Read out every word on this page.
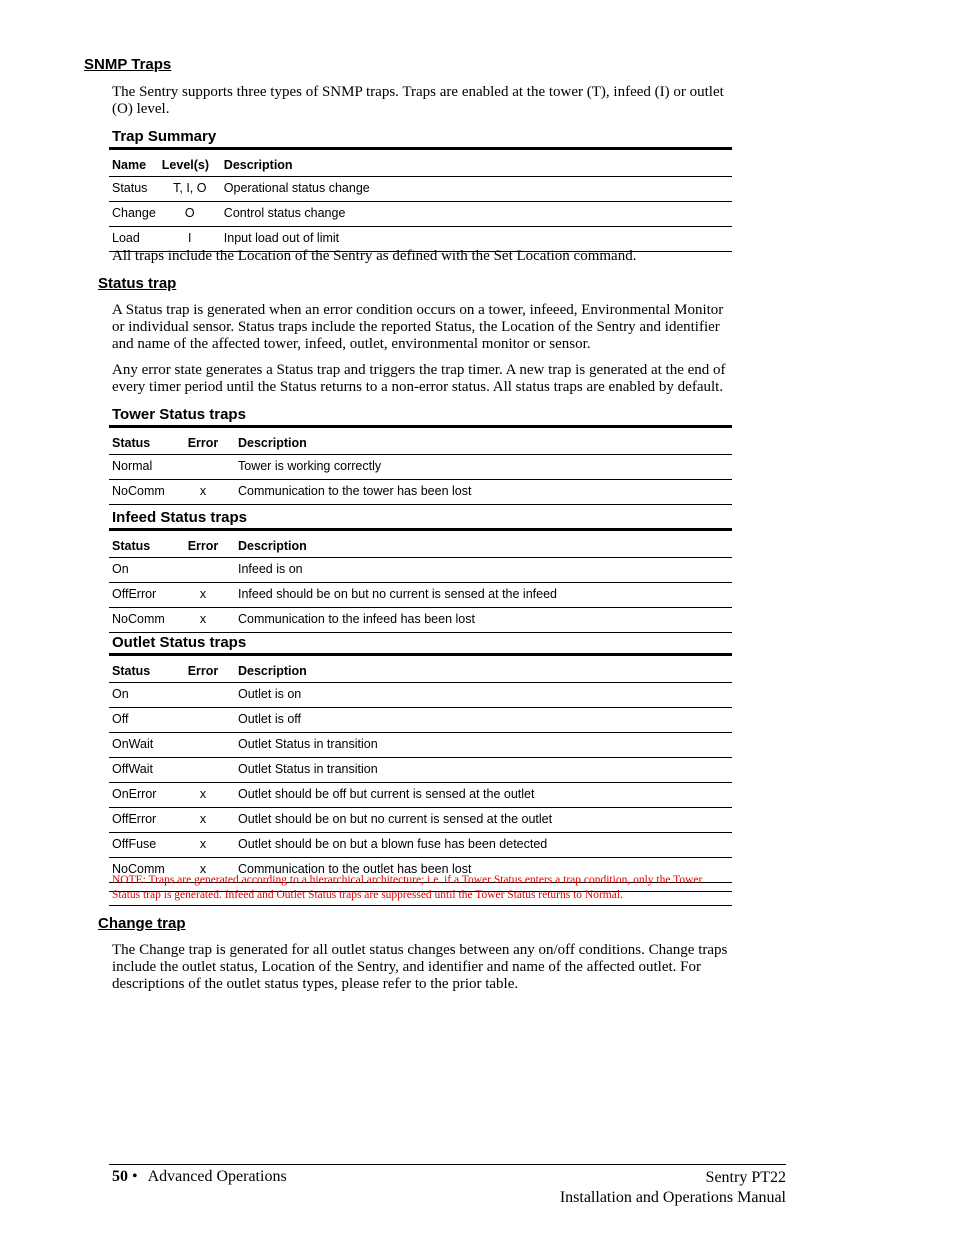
SNMP Traps
The Sentry supports three types of SNMP traps. Traps are enabled at the tower (T), infeed (I) or outlet (O) level.
Trap Summary
Name	Level(s)	Description
Status	T, I, O	Operational status change
Change	O	Control status change
Load	I	Input load out of limit
All traps include the Location of the Sentry as defined with the Set Location command.
Status trap
A Status trap is generated when an error condition occurs on a tower, infeeed, Environmental Monitor or individual sensor. Status traps include the reported Status, the Location of the Sentry and identifier and name of the affected tower, infeed, outlet, environmental monitor or sensor.
Any error state generates a Status trap and triggers the trap timer. A new trap is generated at the end of every timer period until the Status returns to a non-error status. All status traps are enabled by default.
Tower Status traps
Status	Error	Description
Normal		Tower is working correctly
NoComm	x	Communication to the tower has been lost
Infeed Status traps
Status	Error	Description
On		Infeed is on
OffError	x	Infeed should be on but no current is sensed at the infeed
NoComm	x	Communication to the infeed has been lost
Outlet Status traps
Status	Error	Description
On		Outlet is on
Off		Outlet is off
OnWait		Outlet Status in transition
OffWait		Outlet Status in transition
OnError	x	Outlet should be off but current is sensed at the outlet
OffError	x	Outlet should be on but no current is sensed at the outlet
OffFuse	x	Outlet should be on but a blown fuse has been detected
NoComm	x	Communication to the outlet has been lost

NOTE: Traps are generated according to a hierarchical architecture; i.e. if a Tower Status enters a trap condition, only the Tower Status trap is generated. Infeed and Outlet Status traps are suppressed until the Tower Status returns to Normal.
Change trap
The Change trap is generated for all outlet status changes between any on/off conditions. Change traps include the outlet status, Location of the Sentry, and identifier and name of the affected outlet. For descriptions of the outlet status types, please refer to the prior table.
50 • Advanced Operations	Sentry PT22
Installation and Operations Manual
